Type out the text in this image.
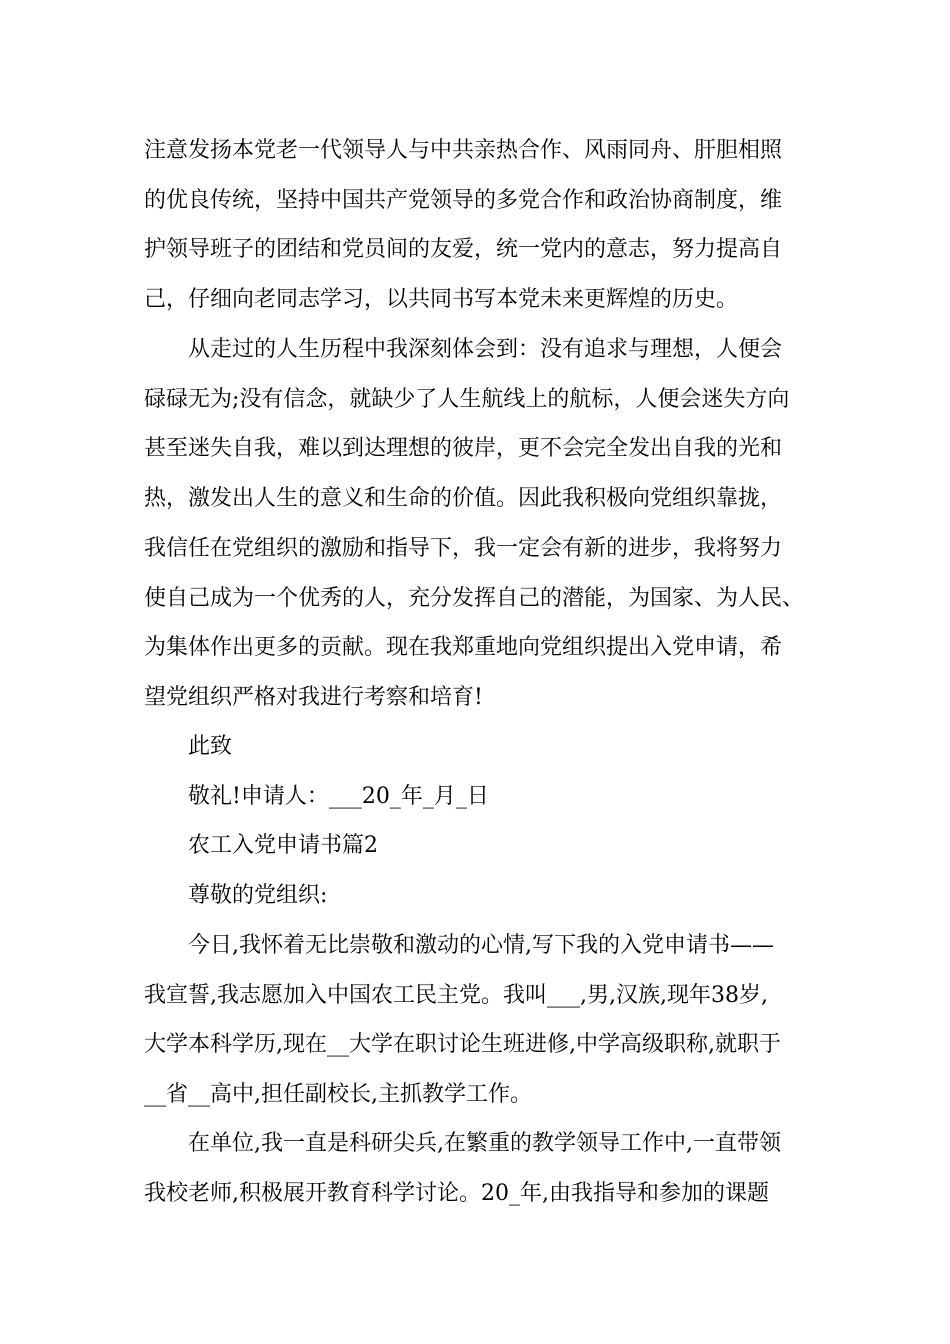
注意发扬本党老一代领导人与中共亲热合作、风雨同舟、肝胆相照
的优良传统，坚持中国共产党领导的多党合作和政治协商制度，维
护领导班子的团结和党员间的友爱，统一党内的意志，努力提高自
己，仔细向老同志学习，以共同书写本党未来更辉煌的历史。
从走过的人生历程中我深刻体会到：没有追求与理想，人便会
碌碌无为;没有信念，就缺少了人生航线上的航标，人便会迷失方向
甚至迷失自我，难以到达理想的彼岸，更不会完全发出自我的光和
热，激发出人生的意义和生命的价值。因此我积极向党组织靠拢，
我信任在党组织的激励和指导下，我一定会有新的进步，我将努力
使自己成为一个优秀的人，充分发挥自己的潜能，为国家、为人民、
为集体作出更多的贡献。现在我郑重地向党组织提出入党申请，希
望党组织严格对我进行考察和培育!
此致
敬礼!申请人：___20_年_月_日
农工入党申请书篇2
尊敬的党组织:
今日,我怀着无比崇敬和激动的心情,写下我的入党申请书——
我宣誓,我志愿加入中国农工民主党。我叫___,男,汉族,现年38岁,
大学本科学历,现在__大学在职讨论生班进修,中学高级职称,就职于
__省__高中,担任副校长,主抓教学工作。
在单位,我一直是科研尖兵,在繁重的教学领导工作中,一直带领
我校老师,积极展开教育科学讨论。20_年,由我指导和参加的课题
